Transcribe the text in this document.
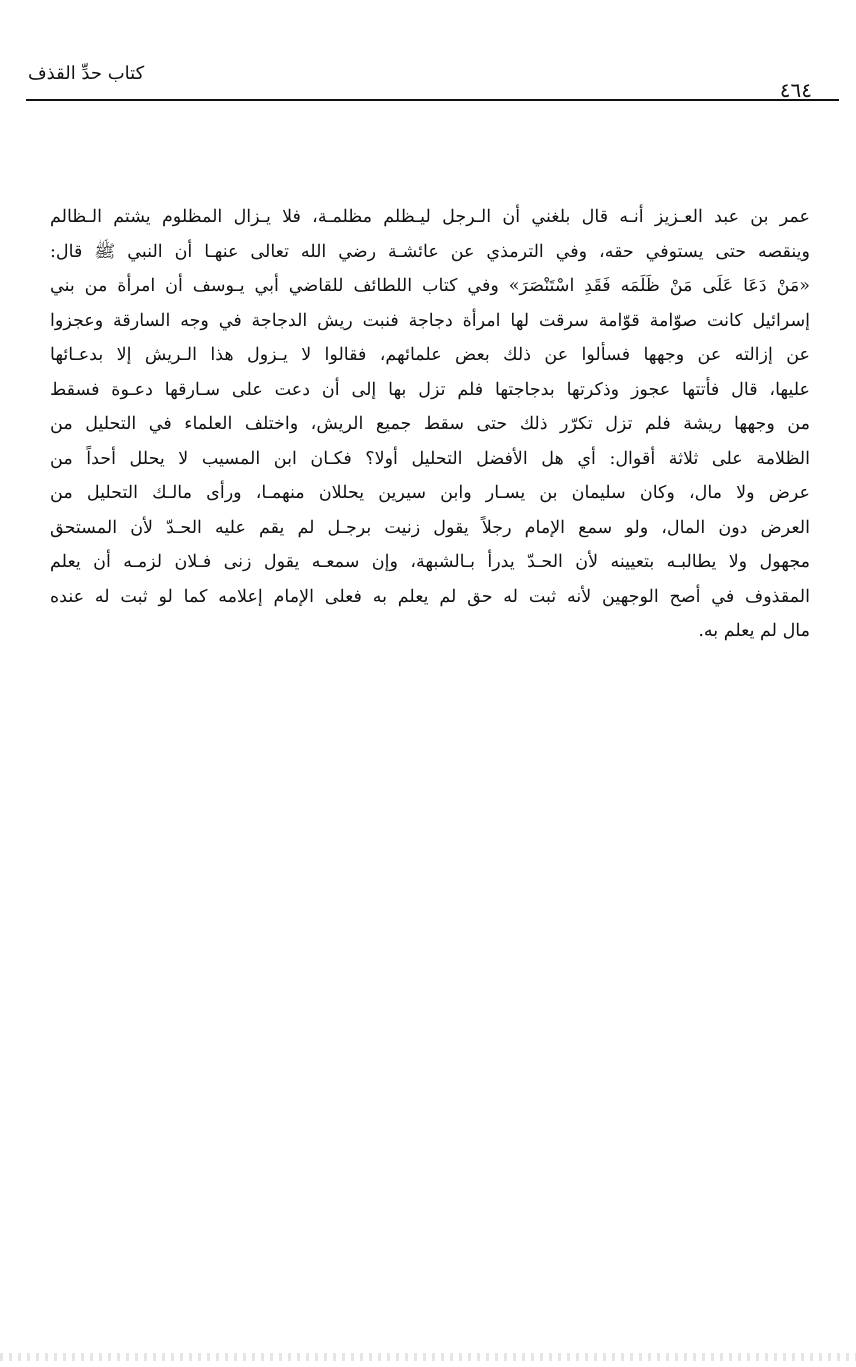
كتاب حدِّ القذف
٤٦٤
عمر بن عبد العـزيز أنـه قال بلغني أن الـرجل ليـظلم مظلمـة، فلا يـزال المظلوم يشتم الـظالم
وينقصه حتى يستوفي حقه، وفي الترمذي عن عائشـة رضي الله تعالى عنهـا أن النبي ﷺ قال:
«مَنْ دَعَا عَلَى مَنْ ظَلَمَه فَقَدِ اسْتَنْصَرَ» وفي كتاب اللطائف للقاضي أبي يـوسف أن امرأة من بني
إسرائيل كانت صوّامة قوّامة سرقت لها امرأة دجاجة فنبت ريش الدجاجة في وجه السارقة وعجزوا
عن إزالته عن وجهها فسألوا عن ذلك بعض علمائهم، فقالوا لا يـزول هذا الـريش إلا بدعـائها
عليها، قال فأتتها عجوز وذكرتها بدجاجتها فلم تزل بها إلى أن دعت على سـارقها دعـوة فسقط
من وجهها ريشة فلم تزل تكرّر ذلك حتى سقط جميع الريش، واختلف العلماء في التحليل من
الظلامة على ثلاثة أقوال: أي هل الأفضل التحليل أولا؟ فكـان ابن المسيب لا يحلل أحداً من
عرض ولا مال، وكان سليمان بن يسـار وابن سيرين يحللان منهمـا، ورأى مالـك التحليل من
العرض دون المال، ولو سمع الإمام رجلاً يقول زنيت برجـل لم يقم عليه الحـدّ لأن المستحق
مجهول ولا يطالبـه بتعيينه لأن الحـدّ يدرأ بـالشبهة، وإن سمعـه يقول زنى فـلان لزمـه أن يعلم
المقذوف في أصح الوجهين لأنه ثبت له حق لم يعلم به فعلى الإمام إعلامه كما لو ثبت له عنده
مال لم يعلم به.
